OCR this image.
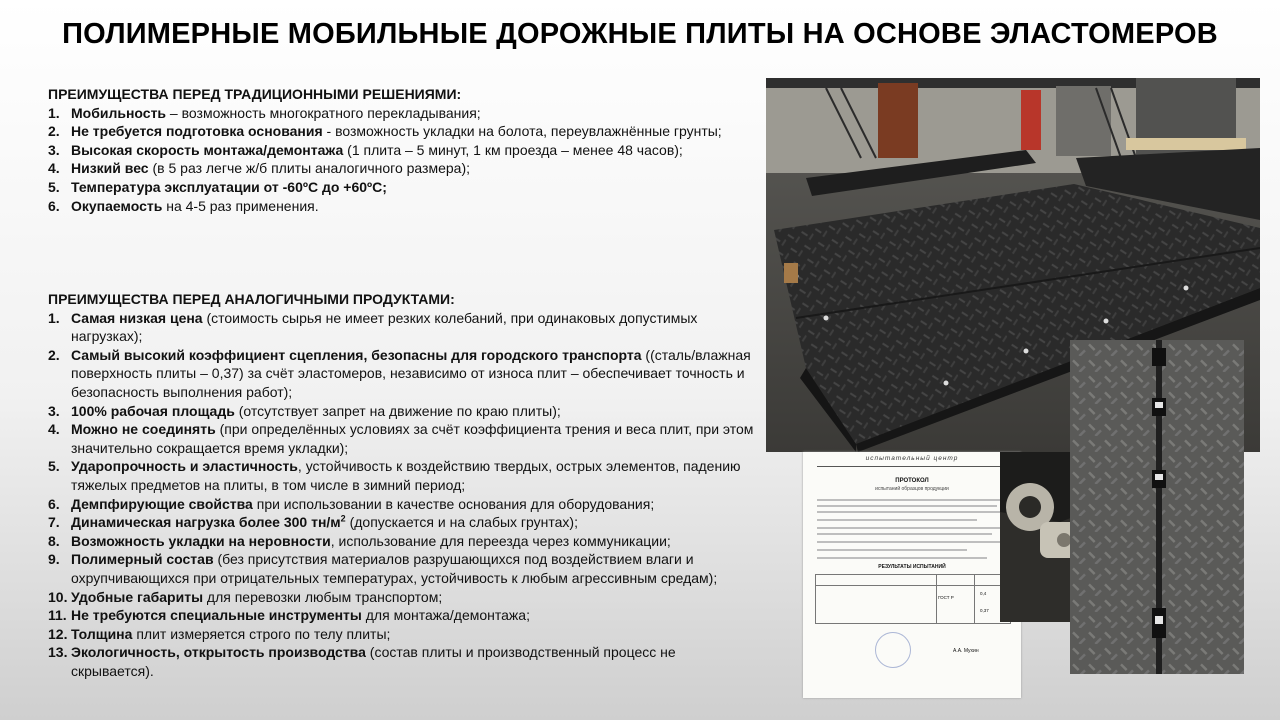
ПОЛИМЕРНЫЕ МОБИЛЬНЫЕ ДОРОЖНЫЕ ПЛИТЫ НА ОСНОВЕ ЭЛАСТОМЕРОВ

ПРЕИМУЩЕСТВА ПЕРЕД ТРАДИЦИОННЫМИ РЕШЕНИЯМИ:

1. Мобильность – возможность многократного перекладывания;
2. Не требуется подготовка основания - возможность укладки на болота, переувлажнённые грунты;
3. Высокая скорость монтажа/демонтажа (1 плита – 5 минут, 1 км проезда – менее 48 часов);
4. Низкий вес (в 5 раз легче ж/б плиты аналогичного размера);
5. Температура эксплуатации от -60ºС до +60ºС;
6. Окупаемость на 4-5 раз применения.

ПРЕИМУЩЕСТВА ПЕРЕД АНАЛОГИЧНЫМИ ПРОДУКТАМИ:

1. Самая низкая цена (стоимость сырья не имеет резких колебаний, при одинаковых допустимых нагрузках);
2. Самый высокий коэффициент сцепления, безопасны для городского транспорта ((сталь/влажная поверхность плиты – 0,37) за счёт эластомеров, независимо от износа плит – обеспечивает точность и безопасность выполнения работ);
3. 100% рабочая площадь (отсутствует запрет на движение по краю плиты);
4. Можно не соединять (при определённых условиях за счёт коэффициента трения и веса плит, при этом значительно сокращается время укладки);
5. Ударопрочность и эластичность, устойчивость к воздействию твердых, острых элементов, падению тяжелых предметов на плиты, в том числе в зимний период;
6. Демпфирующие свойства при использовании в качестве основания для оборудования;
7. Динамическая нагрузка более 300 $тн/м^2$ (допускается и на слабых грунтах);
8. Возможность укладки на неровности, использование для переезда через коммуникации;
9. Полимерный состав (без присутствия материалов разрушающихся под воздействием влаги и охрупчивающихся при отрицательных температурах, устойчивость к любым агрессивным средам);
10. Удобные габариты для перевозки любым транспортом;
11. Не требуются специальные инструменты для монтажа/демонтажа;
12. Толщина плит измеряется строго по телу плиты;
13. Экологичность, открытость производства (состав плиты и производственный процесс не скрывается).
испытательный центр
ПРОТОКОЛ
испытаний образцов продукции
РЕЗУЛЬТАТЫ ИСПЫТАНИЙ
ГОСТ Р
0,4
0,37
А.А. Мухин
